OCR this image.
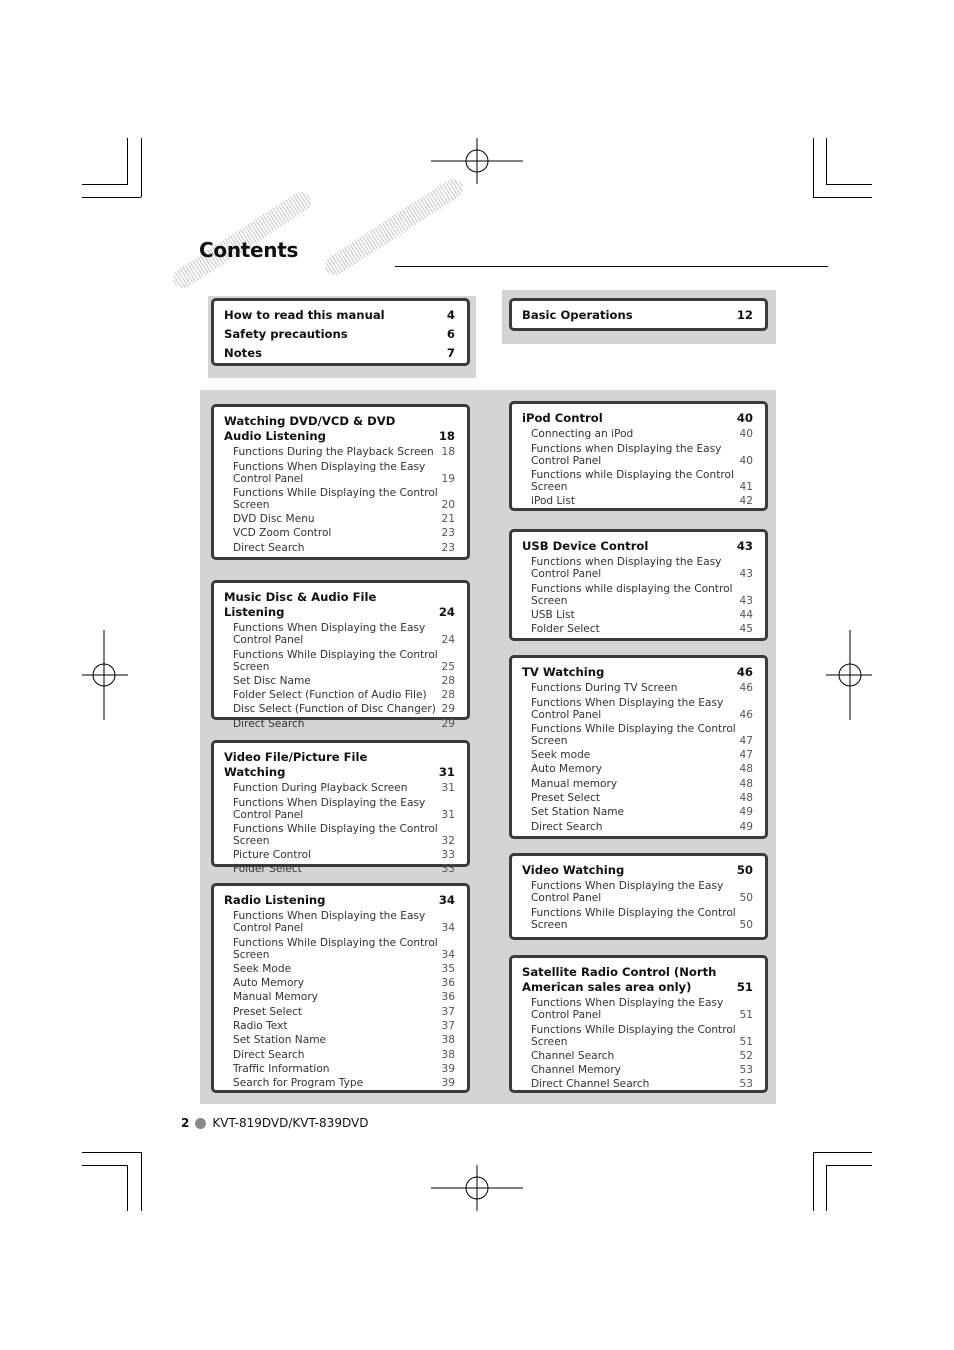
Contents
How to read this manual	4
Safety precautions	6
Notes	7
Basic Operations	12
Watching DVD/VCD & DVD Audio Listening	18
Functions During the Playback Screen 18
Functions When Displaying the Easy Control Panel	19
Functions While Displaying the Control Screen	20
DVD Disc Menu	21
VCD Zoom Control	23
Direct Search	23
Music Disc & Audio File Listening	24
Functions When Displaying the Easy Control Panel	24
Functions While Displaying the Control Screen	25
Set Disc Name	28
Folder Select (Function of Audio File) 28
Disc Select (Function of Disc Changer) 29
Direct Search	29
Video File/Picture File Watching	31
Function During Playback Screen	31
Functions When Displaying the Easy Control Panel	31
Functions While Displaying the Control Screen	32
Picture Control	33
Folder Select	33
Radio Listening	34
Functions When Displaying the Easy Control Panel	34
Functions While Displaying the Control Screen	34
Seek Mode	35
Auto Memory	36
Manual Memory	36
Preset Select	37
Radio Text	37
Set Station Name	38
Direct Search	38
Traffic Information	39
Search for Program Type	39
iPod Control	40
Connecting an iPod	40
Functions when Displaying the Easy Control Panel	40
Functions while Displaying the Control Screen	41
iPod List	42
USB Device Control	43
Functions when Displaying the Easy Control Panel	43
Functions while displaying the Control Screen	43
USB List	44
Folder Select	45
TV Watching	46
Functions During TV Screen	46
Functions When Displaying the Easy Control Panel	46
Functions While Displaying the Control Screen	47
Seek mode	47
Auto Memory	48
Manual memory	48
Preset Select	48
Set Station Name	49
Direct Search	49
Video Watching	50
Functions When Displaying the Easy Control Panel	50
Functions While Displaying the Control Screen	50
Satellite Radio Control (North American sales area only)	51
Functions When Displaying the Easy Control Panel	51
Functions While Displaying the Control Screen	51
Channel Search	52
Channel Memory	53
Direct Channel Search	53
2 KVT-819DVD/KVT-839DVD
